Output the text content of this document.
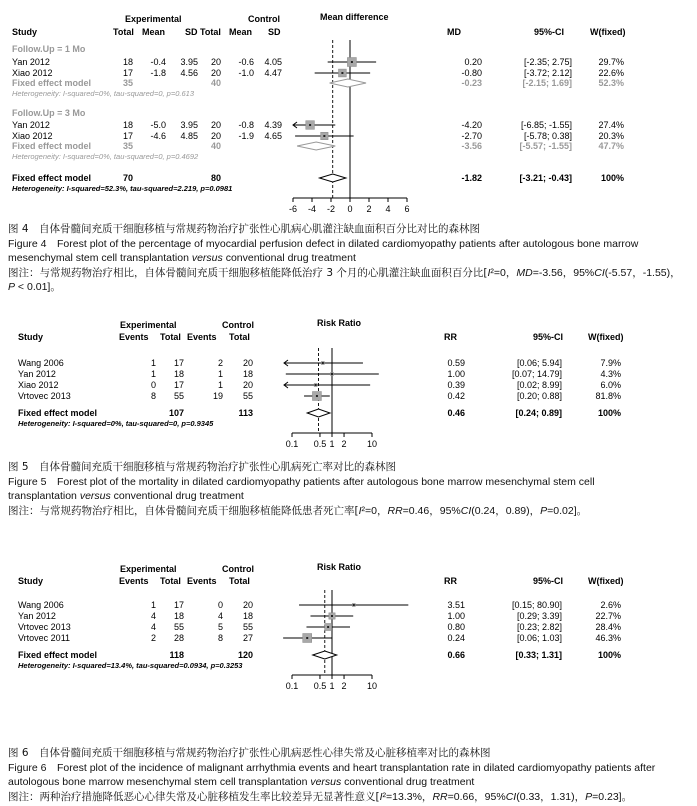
Experimental	Control	Mean difference
Study	Total Mean SD Total Mean SD	MD	95%-CI	W(fixed)
Follow.Up = 1 Mo
Yan 2012	18 -0.4 3.95 20 -0.6 4.05	0.20	[-2.35; 2.75]	29.7%
Xiao 2012	17 -1.8 4.56 20 -1.0 4.47	-0.80	[-3.72; 2.12]	22.6%
Fixed effect model	35	40	-0.23	[-2.15; 1.69]	52.3%
Heterogeneity: I-squared=0%, tau-squared=0, p=0.613
Follow.Up = 3 Mo
Yan 2012	18 -5.0 3.95 20 -0.8 4.39	-4.20	[-6.85; -1.55]	27.4%
Xiao 2012	17 -4.6 4.85 20 -1.9 4.65	-2.70	[-5.78; 0.38]	20.3%
Fixed effect model	35	40	-3.56	[-5.57; -1.55]	47.7%
Heterogeneity: I-squared=0%, tau-squared=0, p=0.4692
Fixed effect model	70	80	-1.82	[-3.21; -0.43]	100%
Heterogeneity: I-squared=52.3%, tau-squared=2.219, p=0.0981
-6 -4 -2 0 2 4 6

图 4　自体骨髓间充质干细胞移植与常规药物治疗扩张性心肌病心肌灌注缺血面积百分比对比的森林图

Figure 4　Forest plot of the percentage of myocardial perfusion defect in dilated cardiomyopathy patients after autologous bone marrow
mesenchymal stem cell transplantation versus conventional drug treatment

图注：与常规药物治疗相比，自体骨髓间充质干细胞移植能降低治疗 3 个月的心肌灌注缺血面积百分比[I²=0，MD=-3.56，95%CI(-5.57，-1.55)，
P < 0.01]。

Experimental	Control	Risk Ratio
Study	Events Total Events Total	RR	95%-CI	W(fixed)
Wang 2006	1 17	2 20	0.59	[0.06; 5.94]	7.9%
Yan 2012	1 18	1 18	1.00	[0.07; 14.79]	4.3%
Xiao 2012	0 17	1 20	0.39	[0.02; 8.99]	6.0%
Vrtovec 2013	8 55	19 55	0.42	[0.20; 0.88]	81.8%
Fixed effect model	107	113	0.46	[0.24; 0.89]	100%
Heterogeneity: I-squared=0%, tau-squared=0, p=0.9345
0.1 0.5 1 2 10

图 5　自体骨髓间充质干细胞移植与常规药物治疗扩张性心肌病死亡率对比的森林图

Figure 5　Forest plot of the mortality in dilated cardiomyopathy patients after autologous bone marrow mesenchymal stem cell
transplantation versus conventional drug treatment

图注：与常规药物治疗相比，自体骨髓间充质干细胞移植能降低患者死亡率[I²=0，RR=0.46，95%CI(0.24，0.89)，P=0.02]。

Experimental	Control	Risk Ratio
Study	Events Total Events Total	RR	95%-CI	W(fixed)
Wang 2006	1 17	0 20	3.51	[0.15; 80.90]	2.6%
Yan 2012	4 18	4 18	1.00	[0.29; 3.39]	22.7%
Vrtovec 2013	4 55	5 55	0.80	[0.23; 2.82]	28.4%
Vrtovec 2011	2 28	8 27	0.24	[0.06; 1.03]	46.3%
Fixed effect model	118	120	0.66	[0.33; 1.31]	100%
Heterogeneity: I-squared=13.4%, tau-squared=0.0934, p=0.3253
0.1 0.5 1 2 10

图 6　自体骨髓间充质干细胞移植与常规药物治疗扩张性心肌病恶性心律失常及心脏移植率对比的森林图

Figure 6　Forest plot of the incidence of malignant arrhythmia events and heart transplantation rate in dilated cardiomyopathy patients after
autologous bone marrow mesenchymal stem cell transplantation versus conventional drug treatment

图注：两种治疗措施降低恶心心律失常及心脏移植发生率比较差异无显著性意义[I²=13.3%，RR=0.66，95%CI(0.33，1.31)，P=0.23]。
